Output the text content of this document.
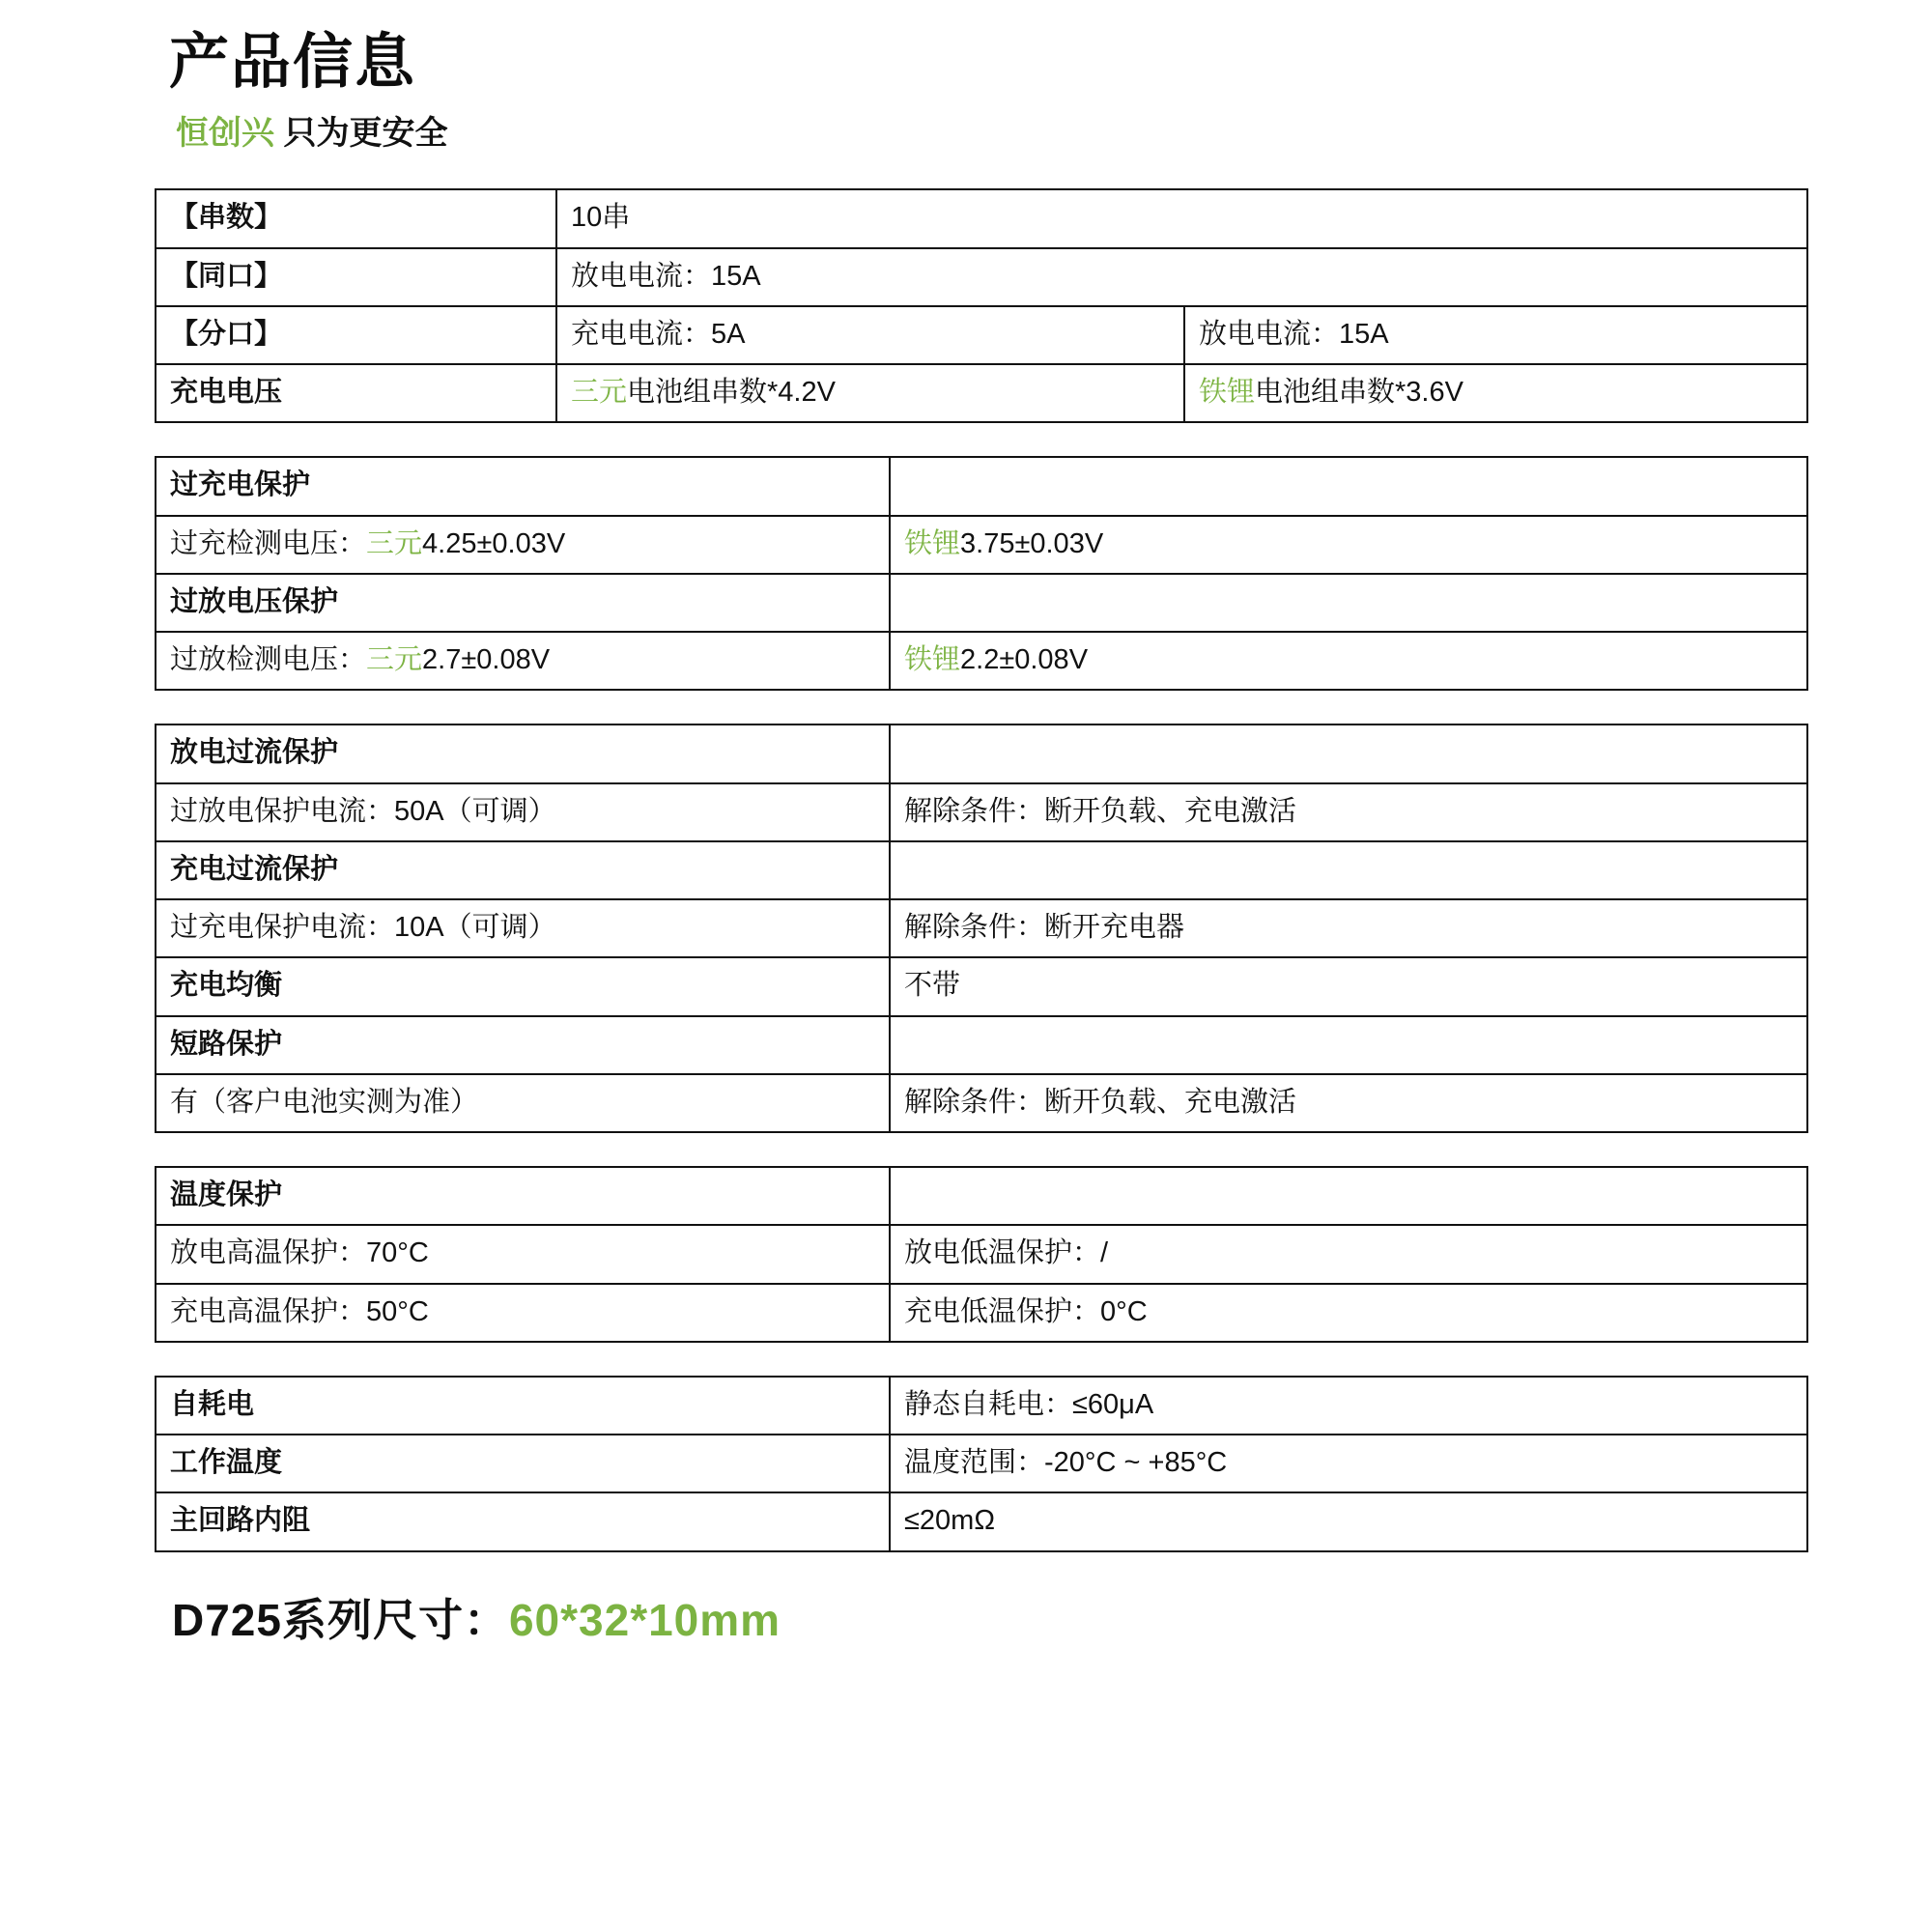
产品信息
恒创兴 只为更安全
【串数】	10串	
【同口】	放电电流：15A	
【分口】	充电电流：5A	放电电流：15A
充电电压	三元电池组串数*4.2V	铁锂电池组串数*3.6V
过充电保护	
过充检测电压：三元4.25±0.03V	铁锂3.75±0.03V
过放电压保护	
过放检测电压：三元2.7±0.08V	铁锂2.2±0.08V
放电过流保护	
过放电保护电流：50A（可调）	解除条件：断开负载、充电激活
充电过流保护	
过充电保护电流：10A（可调）	解除条件：断开充电器
充电均衡	不带
短路保护	
有（客户电池实测为准）	解除条件：断开负载、充电激活
温度保护	
放电高温保护：70°C	放电低温保护：/
充电高温保护：50°C	充电低温保护：0°C
自耗电	静态自耗电：≤60μA
工作温度	温度范围：-20°C ~ +85°C
主回路内阻	≤20mΩ
D725系列尺寸：60*32*10mm
